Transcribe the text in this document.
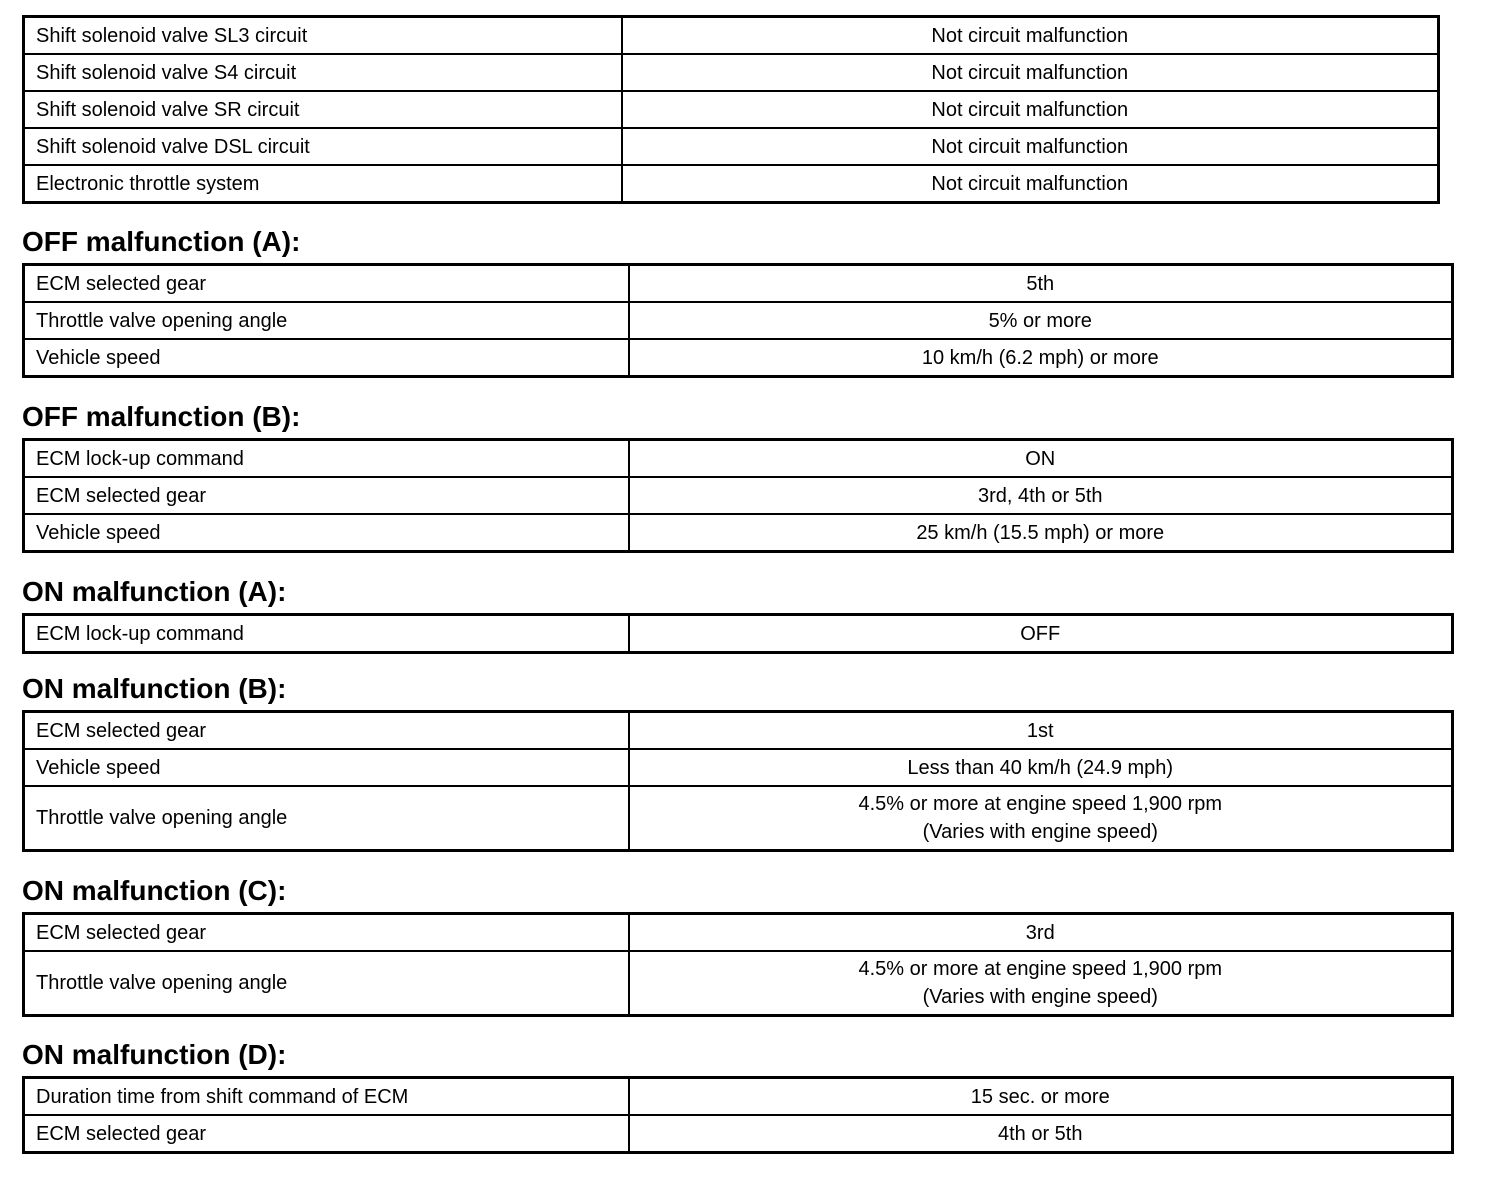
Shift solenoid valve SL3 circuit	Not circuit malfunction

Shift solenoid valve S4 circuit	Not circuit malfunction

Shift solenoid valve SR circuit	Not circuit malfunction

Shift solenoid valve DSL circuit	Not circuit malfunction

Electronic throttle system	Not circuit malfunction
OFF malfunction (A):
ECM selected gear	5th

Throttle valve opening angle	5% or more

Vehicle speed	10 km/h (6.2 mph) or more
OFF malfunction (B):
ECM lock-up command	ON

ECM selected gear	3rd, 4th or 5th

Vehicle speed	25 km/h (15.5 mph) or more
ON malfunction (A):
ECM lock-up command	OFF
ON malfunction (B):
ECM selected gear	1st

Vehicle speed	Less than 40 km/h (24.9 mph)

Throttle valve opening angle	4.5% or more at engine speed 1,900 rpm
(Varies with engine speed)
ON malfunction (C):
ECM selected gear	3rd

Throttle valve opening angle	4.5% or more at engine speed 1,900 rpm
(Varies with engine speed)
ON malfunction (D):
Duration time from shift command of ECM	15 sec. or more

ECM selected gear	4th or 5th
